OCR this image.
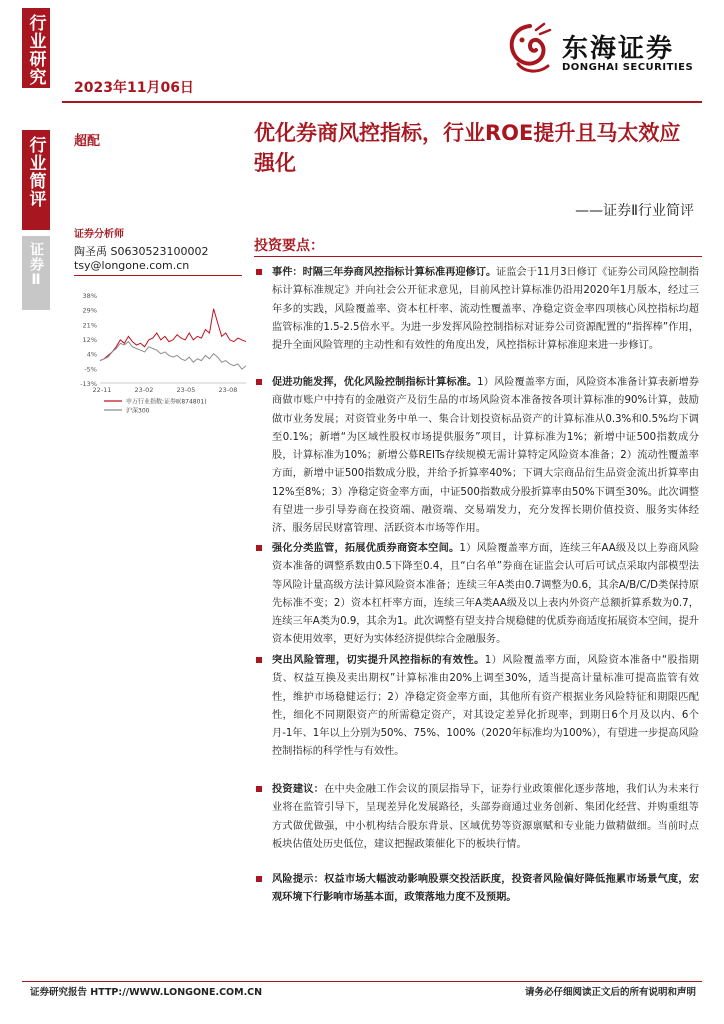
行业研究
行业简评
证券Ⅱ
2023年11月06日
东海证券
DONGHAI SECURITIES
超配	优化券商风控指标，行业ROE提升且马太效应强化
——证券Ⅱ行业简评
证券分析师
陶圣禹 S0630523100002
tsy@longone.com.cn
38%
29%
21%
12%
4%
-5%
-13%
22-11	23-02	23-05	23-08
申万行业指数:证券Ⅱ(874801)
沪深300
投资要点：
事件：时隔三年券商风控指标计算标准再迎修订。证监会于11月3日修订《证券公司风险控制指标计算标准规定》并向社会公开征求意见，目前风控计算标准仍沿用2020年1月版本，经过三年多的实践，风险覆盖率、资本杠杆率、流动性覆盖率、净稳定资金率四项核心风控指标均超监管标准的1.5-2.5倍水平。为进一步发挥风险控制指标对证券公司资源配置的“指挥棒”作用，提升全面风险管理的主动性和有效性的角度出发，风控指标计算标准迎来进一步修订。
促进功能发挥，优化风险控制指标计算标准。1）风险覆盖率方面，风险资本准备计算表新增券商做市账户中持有的金融资产及衍生品的市场风险资本准备按各项计算标准的90%计算，鼓励做市业务发展；对资管业务中单一、集合计划投资标品资产的计算标准从0.3%和0.5%均下调至0.1%；新增“为区域性股权市场提供服务”项目，计算标准为1%；新增中证500指数成分股，计算标准为10%；新增公募REITs存续规模无需计算特定风险资本准备；2）流动性覆盖率方面，新增中证500指数成分股，并给予折算率40%；下调大宗商品衍生品资金流出折算率由12%至8%；3）净稳定资金率方面，中证500指数成分股折算率由50%下调至30%。此次调整有望进一步引导券商在投资端、融资端、交易端发力，充分发挥长期价值投资、服务实体经济、服务居民财富管理、活跃资本市场等作用。
强化分类监管，拓展优质券商资本空间。1）风险覆盖率方面，连续三年AA级及以上券商风险资本准备的调整系数由0.5下降至0.4，且“白名单”券商在证监会认可后可试点采取内部模型法等风险计量高级方法计算风险资本准备；连续三年A类由0.7调整为0.6，其余A/B/C/D类保持原先标准不变；2）资本杠杆率方面，连续三年A类AA级及以上表内外资产总额折算系数为0.7，连续三年A类为0.9，其余为1。此次调整有望支持合规稳健的优质券商适度拓展资本空间，提升资本使用效率，更好为实体经济提供综合金融服务。
突出风险管理，切实提升风控指标的有效性。1）风险覆盖率方面，风险资本准备中“股指期货、权益互换及卖出期权”计算标准由20%上调至30%，适当提高计量标准可提高监管有效性，维护市场稳健运行；2）净稳定资金率方面，其他所有资产根据业务风险特征和期限匹配性，细化不同期限资产的所需稳定资产，对其设定差异化折现率，到期日6个月及以内、6个月-1年、1年以上分别为50%、75%、100%（2020年标准均为100%），有望进一步提高风险控制指标的科学性与有效性。
投资建议：在中央金融工作会议的顶层指导下，证券行业政策催化逐步落地，我们认为未来行业将在监管引导下，呈现差异化发展路径，头部券商通过业务创新、集团化经营、并购重组等方式做优做强，中小机构结合股东背景、区域优势等资源禀赋和专业能力做精做细。当前时点板块估值处历史低位，建议把握政策催化下的板块行情。
风险提示：权益市场大幅波动影响股票交投活跃度，投资者风险偏好降低拖累市场景气度，宏观环境下行影响市场基本面，政策落地力度不及预期。
证券研究报告 HTTP://WWW.LONGONE.COM.CN	请务必仔细阅读正文后的所有说明和声明
